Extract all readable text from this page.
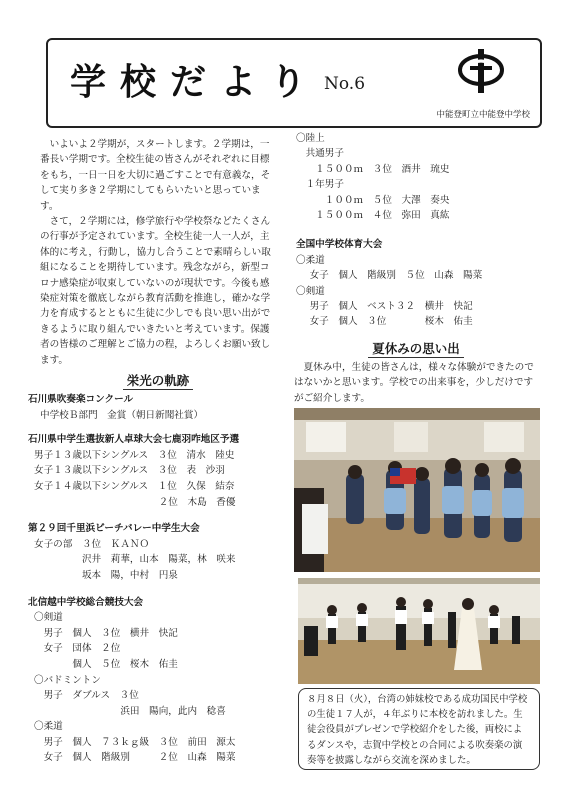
学校だより No.6
中能登町立中能登中学校

いよいよ２学期が，スタートします。２学期は，一番長い学期です。全校生徒の皆さんがそれぞれに目標をもち，一日一日を大切に過ごすことで有意義な，そして実り多き２学期にしてもらいたいと思っています。

さて，２学期には，修学旅行や学校祭などたくさんの行事が予定されています。全校生徒一人一人が，主体的に考え，行動し，協力し合うことで素晴らしい取組になることを期待しています。残念ながら，新型コロナ感染症が収束していないのが現状です。今後も感染症対策を徹底しながら教育活動を推進し，確かな学力を育成するとともに生徒に少しでも良い思い出ができるように取り組んでいきたいと考えています。保護者の皆様のご理解とご協力の程，よろしくお願い致します。

栄光の軌跡
石川県吹奏楽コンクール
中学校Ｂ部門　金賞（朝日新聞社賞）
石川県中学生選抜新人卓球大会七鹿羽咋地区予選
男子１３歳以下シングルス　３位　清水　陸史
女子１３歳以下シングルス　３位　表　沙羽
女子１４歳以下シングルス　１位　久保　結奈
　　　　　　　　　　　　　２位　木島　香優
第２９回千里浜ビーチバレー中学生大会
女子の部　３位　ＫＡＮＯ
　　　　　沢井　莉華，山本　陽菜，林　咲来
　　　　　坂本　陽，中村　円泉
北信越中学校総合競技大会
〇剣道
　男子　個人　３位　横井　快記
　女子　団体　２位
　　　　個人　５位　桜木　佑圭
〇バドミントン
　男子　ダブルス　３位
　　　　　　　　　浜田　陽向，此内　稔喜
〇柔道
　男子　個人　７３ｋｇ級　３位　前田　源太
　女子　個人　階級別　　　２位　山森　陽菜
〇陸上
　共通男子
　　１５００ｍ　３位　酒井　琉史
　１年男子
　　　１００ｍ　５位　大澤　奏央
　　１５００ｍ　４位　弥田　真紘
全国中学校体育大会
〇柔道
　女子　個人　階級別　５位　山森　陽菜
〇剣道
　男子　個人　ベスト３２　横井　快記
　女子　個人　３位　　　　桜木　佑圭
夏休みの思い出

夏休み中，生徒の皆さんは，様々な体験ができたのではないかと思います。学校での出来事を，少しだけですがご紹介します。

８月８日（火），台湾の姉妹校である成功国民中学校の生徒１７人が，４年ぶりに本校を訪れました。生徒会役員がプレゼンで学校紹介をした後，両校によるダンスや，志賀中学校との合同による吹奏楽の演奏等を披露しながら交流を深めました。
